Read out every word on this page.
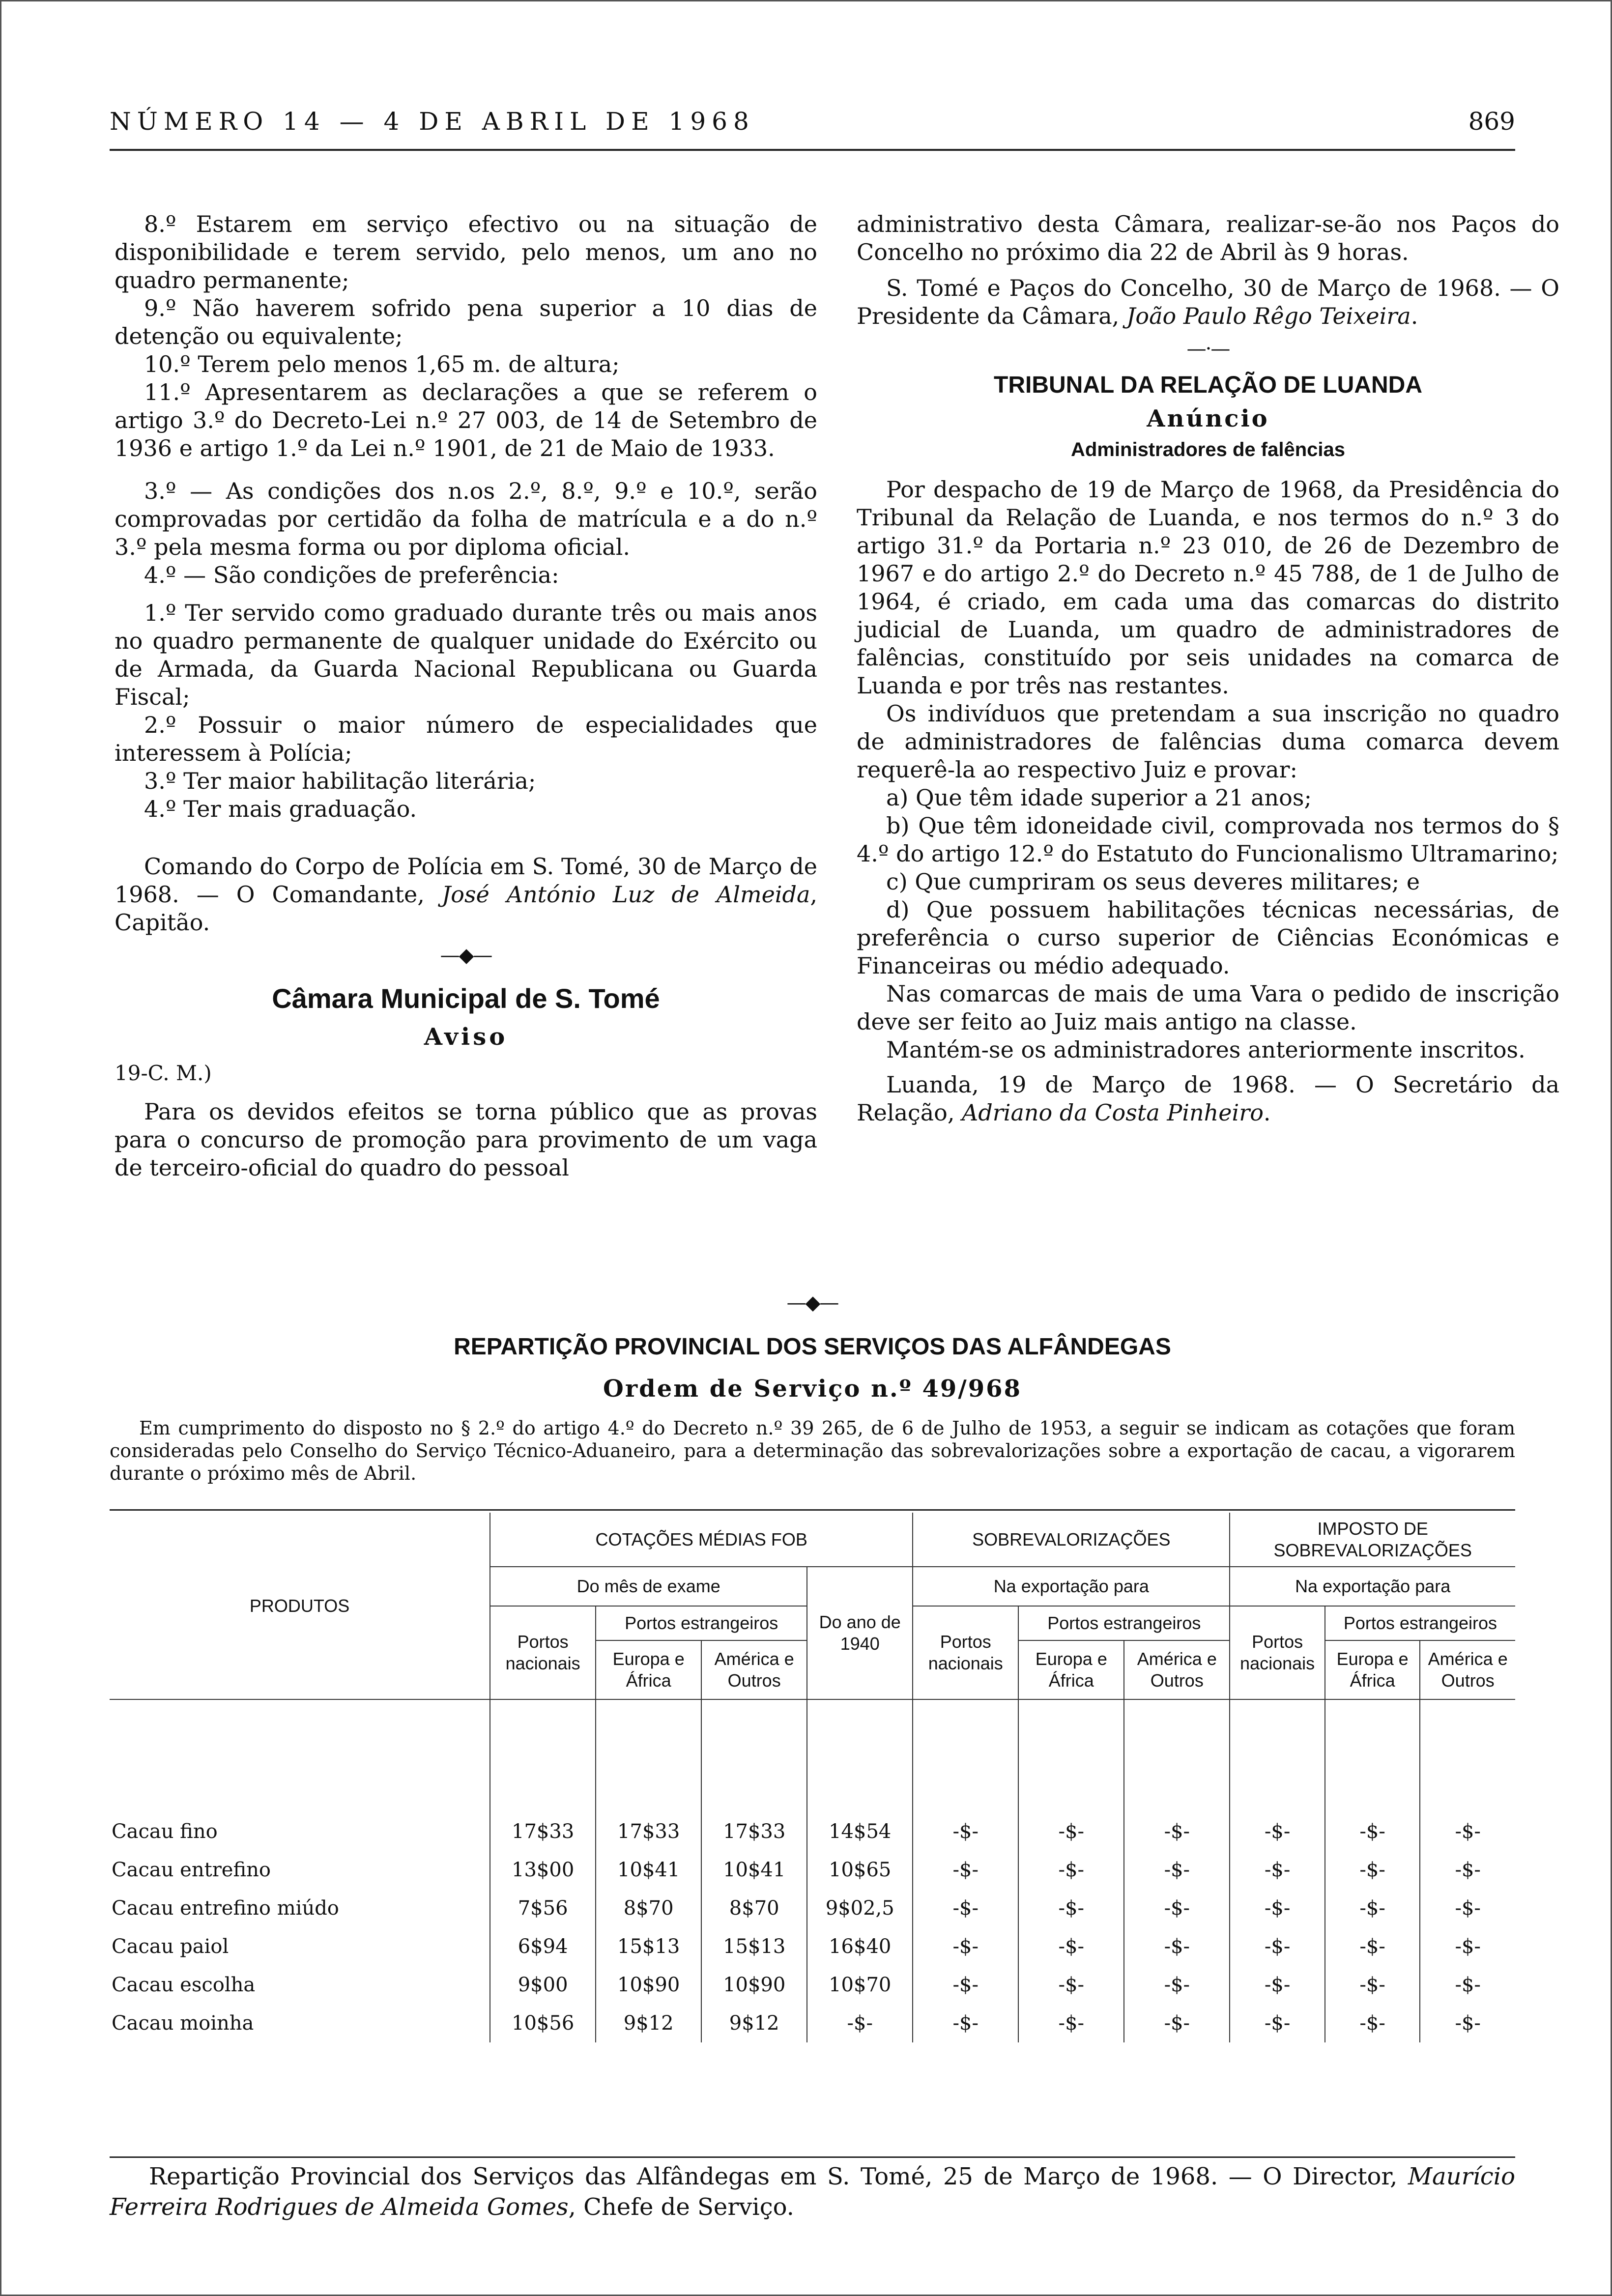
NÚMERO 14 — 4 DE ABRIL DE 1968	869

8.º Estarem em serviço efectivo ou na situação de disponibilidade e terem servido, pelo menos, um ano no quadro permanente;

9.º Não haverem sofrido pena superior a 10 dias de detenção ou equivalente;

10.º Terem pelo menos 1,65 m. de altura;

11.º Apresentarem as declarações a que se referem o artigo 3.º do Decreto-Lei n.º 27 003, de 14 de Setembro de 1936 e artigo 1.º da Lei n.º 1901, de 21 de Maio de 1933.

3.º — As condições dos n.os 2.º, 8.º, 9.º e 10.º, serão comprovadas por certidão da folha de matrícula e a do n.º 3.º pela mesma forma ou por diploma oficial.

4.º — São condições de preferência:

1.º Ter servido como graduado durante três ou mais anos no quadro permanente de qualquer unidade do Exército ou de Armada, da Guarda Nacional Republicana ou Guarda Fiscal;

2.º Possuir o maior número de especialidades que interessem à Polícia;

3.º Ter maior habilitação literária;

4.º Ter mais graduação.

Comando do Corpo de Polícia em S. Tomé, 30 de Março de 1968. — O Comandante, José António Luz de Almeida, Capitão.

—◆—

Câmara Municipal de S. Tomé

Aviso

19-C. M.)

Para os devidos efeitos se torna público que as provas para o concurso de promoção para provimento de um vaga de terceiro-oficial do quadro do pessoal

administrativo desta Câmara, realizar-se-ão nos Paços do Concelho no próximo dia 22 de Abril às 9 horas.

S. Tomé e Paços do Concelho, 30 de Março de 1968. — O Presidente da Câmara, João Paulo Rêgo Teixeira.

—·—

TRIBUNAL DA RELAÇÃO DE LUANDA

Anúncio

Administradores de falências

Por despacho de 19 de Março de 1968, da Presidência do Tribunal da Relação de Luanda, e nos termos do n.º 3 do artigo 31.º da Portaria n.º 23 010, de 26 de Dezembro de 1967 e do artigo 2.º do Decreto n.º 45 788, de 1 de Julho de 1964, é criado, em cada uma das comarcas do distrito judicial de Luanda, um quadro de administradores de falências, constituído por seis unidades na comarca de Luanda e por três nas restantes.

Os indivíduos que pretendam a sua inscrição no quadro de administradores de falências duma comarca devem requerê-la ao respectivo Juiz e provar:

a) Que têm idade superior a 21 anos;

b) Que têm idoneidade civil, comprovada nos termos do § 4.º do artigo 12.º do Estatuto do Funcionalismo Ultramarino;

c) Que cumpriram os seus deveres militares; e

d) Que possuem habilitações técnicas necessárias, de preferência o curso superior de Ciências Económicas e Financeiras ou médio adequado.

Nas comarcas de mais de uma Vara o pedido de inscrição deve ser feito ao Juiz mais antigo na classe.

Mantém-se os administradores anteriormente inscritos.

Luanda, 19 de Março de 1968. — O Secretário da Relação, Adriano da Costa Pinheiro.

—◆—
REPARTIÇÃO PROVINCIAL DOS SERVIÇOS DAS ALFÂNDEGAS
Ordem de Serviço n.º 49/968
Em cumprimento do disposto no § 2.º do artigo 4.º do Decreto n.º 39 265, de 6 de Julho de 1953, a seguir se indicam as cotações que foram consideradas pelo Conselho do Serviço Técnico-Aduaneiro, para a determinação das sobrevalorizações sobre a exportação de cacau, a vigorarem durante o próximo mês de Abril.
PRODUTOS	COTAÇÕES MÉDIAS FOB				SOBREVALORIZAÇÕES			IMPOSTO DE SOBREVALORIZAÇÕES		
	Do mês de exame			Do ano de 1940	Na exportação para			Na exportação para		
	Portos nacionais	Portos estrangeiros			Portos nacionais	Portos estrangeiros		Portos nacionais	Portos estrangeiros	
		Europa e África	América e Outros			Europa e África	América e Outros		Europa e África	América e Outros

Cacau fino	17$33	17$33	17$33	14$54	-$-	-$-	-$-	-$-	-$-	-$-
Cacau entrefino	13$00	10$41	10$41	10$65	-$-	-$-	-$-	-$-	-$-	-$-
Cacau entrefino miúdo	7$56	8$70	8$70	9$02,5	-$-	-$-	-$-	-$-	-$-	-$-
Cacau paiol	6$94	15$13	15$13	16$40	-$-	-$-	-$-	-$-	-$-	-$-
Cacau escolha	9$00	10$90	10$90	10$70	-$-	-$-	-$-	-$-	-$-	-$-
Cacau moinha	10$56	9$12	9$12	-$-	-$-	-$-	-$-	-$-	-$-	-$-

Repartição Provincial dos Serviços das Alfândegas em S. Tomé, 25 de Março de 1968. — O Director, Maurício Ferreira Rodrigues de Almeida Gomes, Chefe de Serviço.
